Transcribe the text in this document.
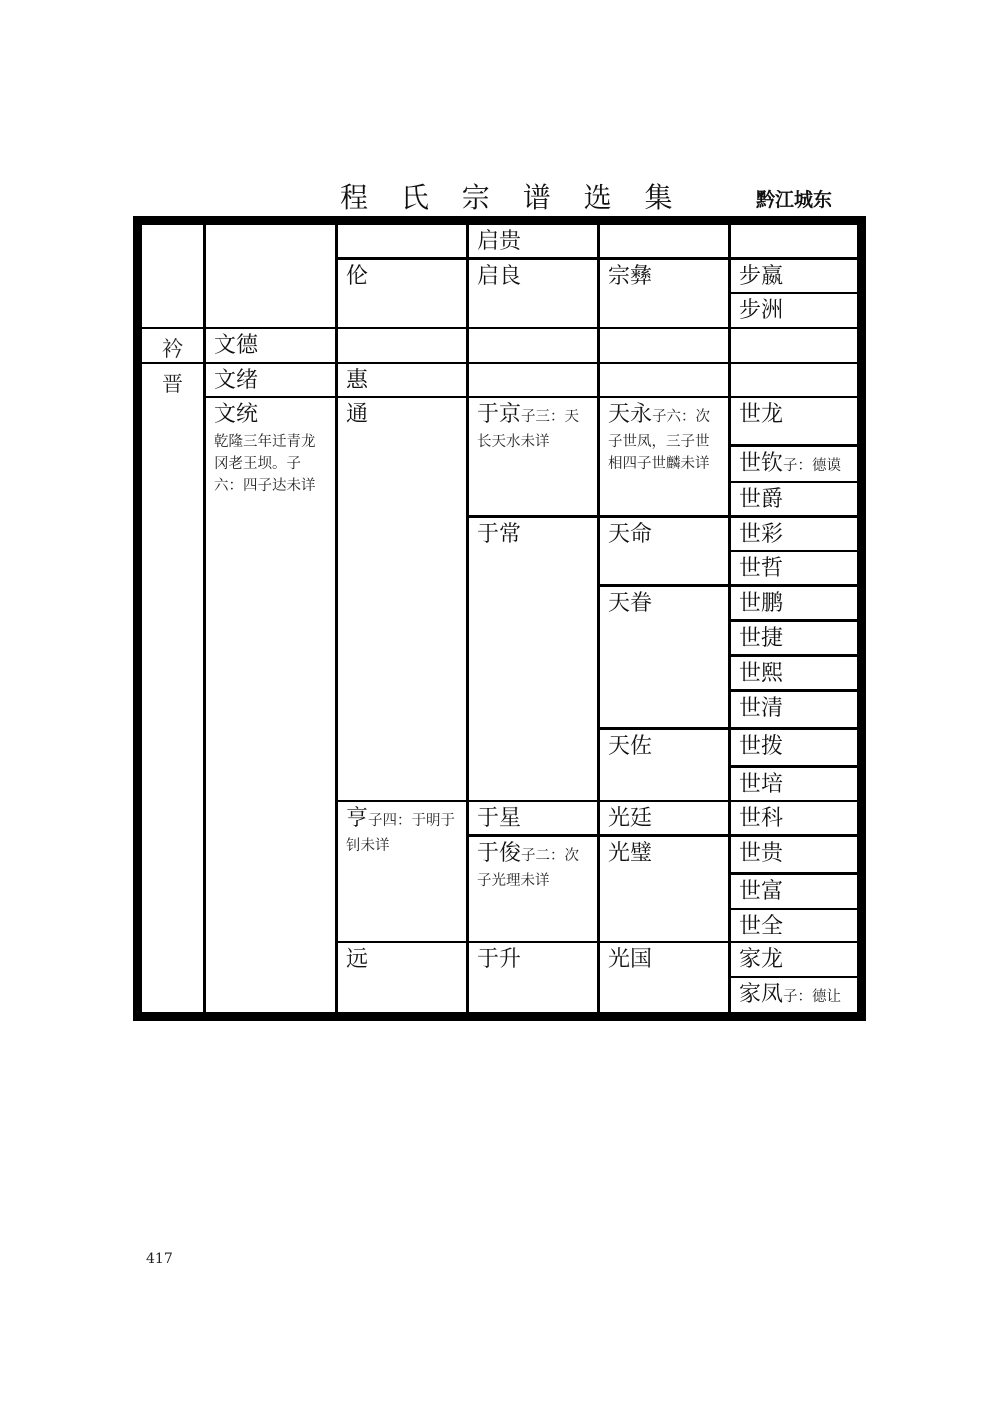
程 氏 宗 谱 选 集	黔江城东
衿
晋
文德
文绪
文统
乾隆三年迁青龙冈老王坝。子六：四子达未详
伦
惠
通
亨子四：于明于钊未详
远
启贵
启良
于京子三：天长天水未详
于常
于星
于俊子二：次子光理未详
于升
宗彝
天永子六：次子世凤，三子世相四子世麟未详
天命
天眷
天佐
光廷
光璧
光国
步嬴
步洲
世龙
世钦子：德谟
世爵
世彩
世哲
世鹏
世捷
世熙
世清
世拨
世培
世科
世贵
世富
世全
家龙
家凤子：德让
417
